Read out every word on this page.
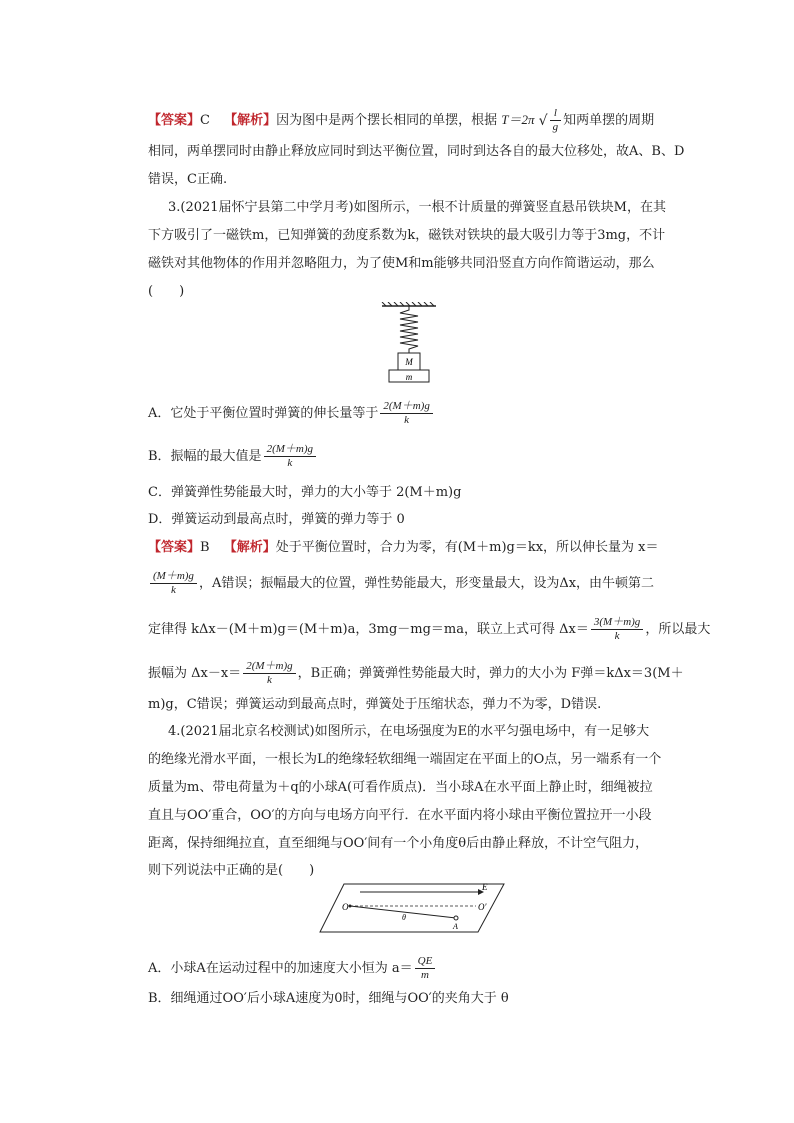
【答案】C 【解析】因为图中是两个摆长相同的单摆，根据 T＝2π √ $\frac{l}{g}$ 知两单摆的周期
相同，两单摆同时由静止释放应同时到达平衡位置，同时到达各自的最大位移处，故A、B、D
错误，C正确.
3.(2021届怀宁县第二中学月考)如图所示，一根不计质量的弹簧竖直悬吊铁块M，在其
下方吸引了一磁铁m，已知弹簧的劲度系数为k，磁铁对铁块的最大吸引力等于3mg，不计
磁铁对其他物体的作用并忽略阻力，为了使M和m能够共同沿竖直方向作简谐运动，那么
(　　)
M
m
A．它处于平衡位置时弹簧的伸长量等于 $\frac{2(M+m)g}{k}$
B．振幅的最大值是 $\frac{2(M+m)g}{k}$
C．弹簧弹性势能最大时，弹力的大小等于 2(M＋m)g
D．弹簧运动到最高点时，弹簧的弹力等于 0
【答案】B 【解析】处于平衡位置时，合力为零，有(M＋m)g＝kx，所以伸长量为 x＝
$\frac{(M+m)g}{k}$ ，A错误；振幅最大的位置，弹性势能最大，形变量最大，设为Δx，由牛顿第二
定律得 kΔx－(M＋m)g＝(M＋m)a，3mg－mg＝ma，联立上式可得 $\Delta x= \frac{3(M+m)g}{k}$ ，所以最大
振幅为 $\Delta x-x= \frac{2(M+m)g}{k}$ ，B正确；弹簧弹性势能最大时，弹力的大小为 F弹＝kΔx＝3(M＋
m)g，C错误；弹簧运动到最高点时，弹簧处于压缩状态，弹力不为零，D错误.
4.(2021届北京名校测试)如图所示，在电场强度为E的水平匀强电场中，有一足够大
的绝缘光滑水平面，一根长为L的绝缘轻软细绳一端固定在平面上的O点，另一端系有一个
质量为m、带电荷量为＋q的小球A(可看作质点)．当小球A在水平面上静止时，细绳被拉
直且与OO′重合，OO′的方向与电场方向平行．在水平面内将小球由平衡位置拉开一小段
距离，保持细绳拉直，直至细绳与OO′间有一个小角度θ后由静止释放，不计空气阻力，
则下列说法中正确的是(　　)
E
O	O′
θ
A
A．小球A在运动过程中的加速度大小恒为 $a= \frac{QE}{m}$
B．细绳通过OO′后小球A速度为0时，细绳与OO′的夹角大于 θ
